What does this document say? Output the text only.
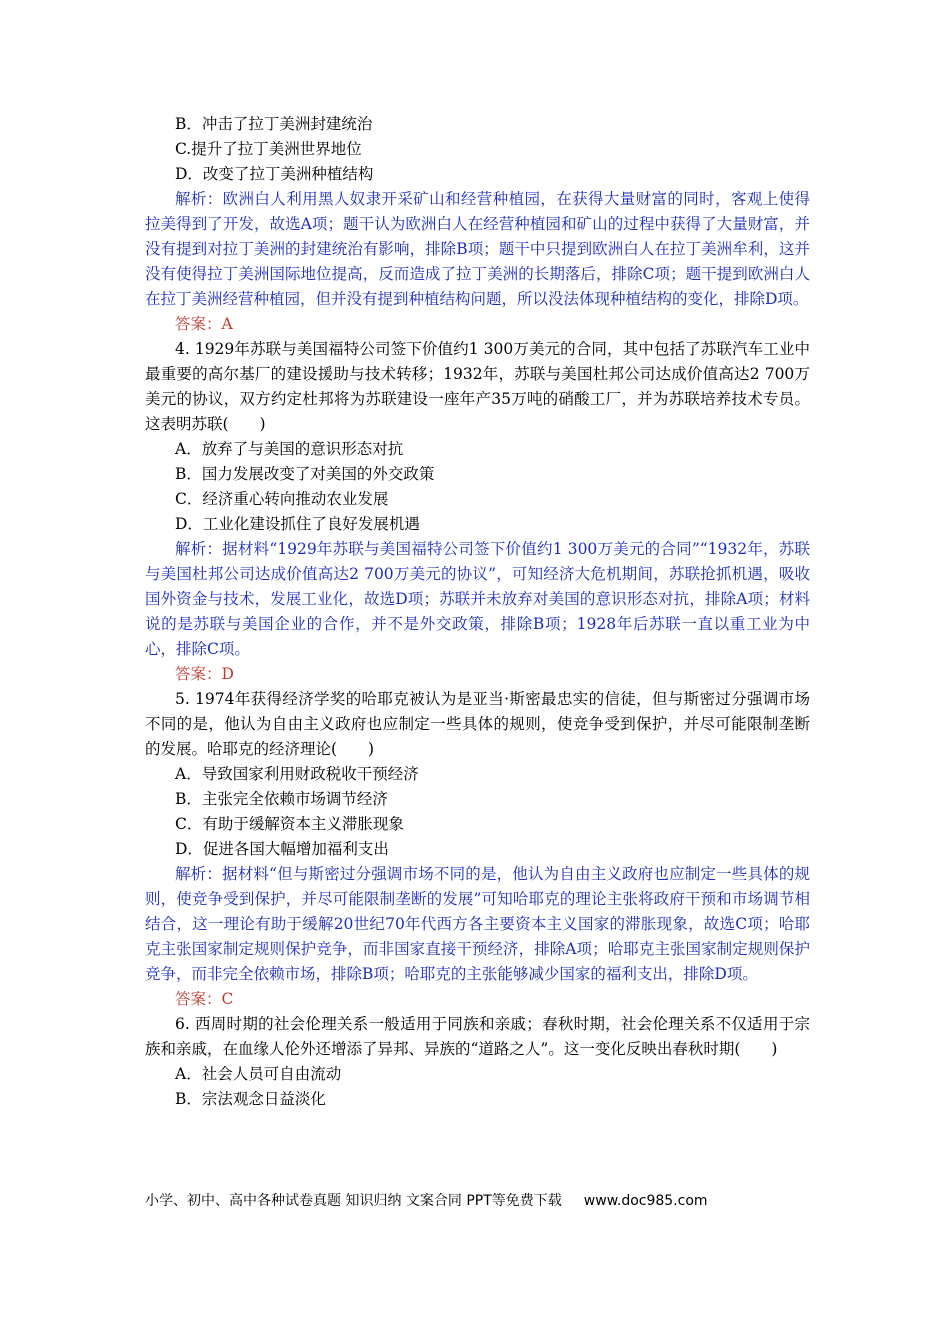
B．冲击了拉丁美洲封建统治
C.提升了拉丁美洲世界地位
D．改变了拉丁美洲种植结构
解析：欧洲白人利用黑人奴隶开采矿山和经营种植园，在获得大量财富的同时，客观上使得拉美得到了开发，故选A项；题干认为欧洲白人在经营种植园和矿山的过程中获得了大量财富，并没有提到对拉丁美洲的封建统治有影响，排除B项；题干中只提到欧洲白人在拉丁美洲牟利，这并没有使得拉丁美洲国际地位提高，反而造成了拉丁美洲的长期落后，排除C项；题干提到欧洲白人在拉丁美洲经营种植园，但并没有提到种植结构问题，所以没法体现种植结构的变化，排除D项。
答案：A
4. 1929年苏联与美国福特公司签下价值约1 300万美元的合同，其中包括了苏联汽车工业中最重要的高尔基厂的建设援助与技术转移；1932年，苏联与美国杜邦公司达成价值高达2 700万美元的协议，双方约定杜邦将为苏联建设一座年产35万吨的硝酸工厂，并为苏联培养技术专员。这表明苏联(　　)
A．放弃了与美国的意识形态对抗
B．国力发展改变了对美国的外交政策
C．经济重心转向推动农业发展
D．工业化建设抓住了良好发展机遇
解析：据材料“1929年苏联与美国福特公司签下价值约1 300万美元的合同”“1932年，苏联与美国杜邦公司达成价值高达2 700万美元的协议”，可知经济大危机期间，苏联抢抓机遇，吸收国外资金与技术，发展工业化，故选D项；苏联并未放弃对美国的意识形态对抗，排除A项；材料说的是苏联与美国企业的合作，并不是外交政策，排除B项；1928年后苏联一直以重工业为中心，排除C项。
答案：D
5. 1974年获得经济学奖的哈耶克被认为是亚当·斯密最忠实的信徒，但与斯密过分强调市场不同的是，他认为自由主义政府也应制定一些具体的规则，使竞争受到保护，并尽可能限制垄断的发展。哈耶克的经济理论(　　)
A．导致国家利用财政税收干预经济
B．主张完全依赖市场调节经济
C．有助于缓解资本主义滞胀现象
D．促进各国大幅增加福利支出
解析：据材料“但与斯密过分强调市场不同的是，他认为自由主义政府也应制定一些具体的规则，使竞争受到保护，并尽可能限制垄断的发展”可知哈耶克的理论主张将政府干预和市场调节相结合，这一理论有助于缓解20世纪70年代西方各主要资本主义国家的滞胀现象，故选C项；哈耶克主张国家制定规则保护竞争，而非国家直接干预经济，排除A项；哈耶克主张国家制定规则保护竞争，而非完全依赖市场，排除B项；哈耶克的主张能够减少国家的福利支出，排除D项。
答案：C
6. 西周时期的社会伦理关系一般适用于同族和亲戚；春秋时期，社会伦理关系不仅适用于宗族和亲戚，在血缘人伦外还增添了异邦、异族的“道路之人”。这一变化反映出春秋时期(　　)
A．社会人员可自由流动
B．宗法观念日益淡化
小学、初中、高中各种试卷真题 知识归纳 文案合同 PPT等免费下载 www.doc985.com
